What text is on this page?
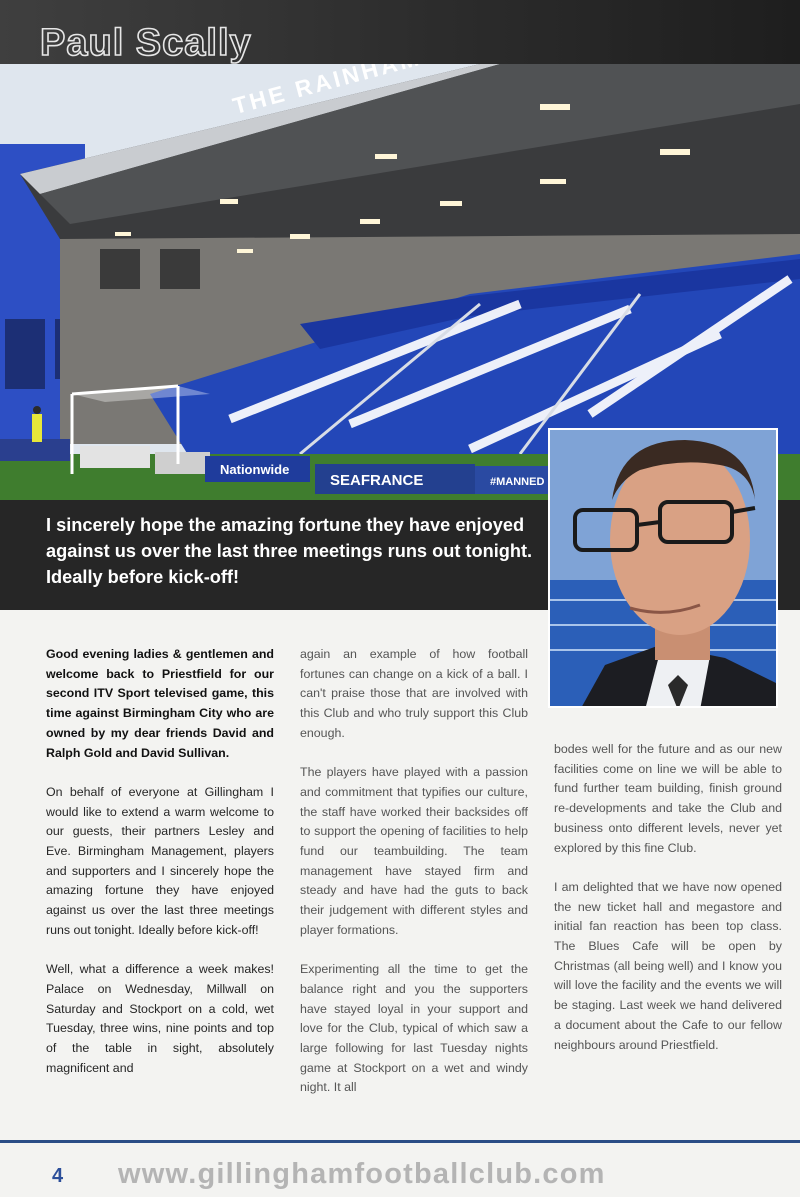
Paul Scally
Nationwide
SEAFRANCE	#MANNED

I sincerely hope the amazing fortune they have enjoyed against us over the last three meetings runs out tonight. Ideally before kick-off!

Good evening ladies & gentlemen and welcome back to Priestfield for our second ITV Sport televised game, this time against Birmingham City who are owned by my dear friends David and Ralph Gold and David Sullivan.

On behalf of everyone at Gillingham I would like to extend a warm welcome to our guests, their partners Lesley and Eve. Birmingham Management, players and supporters and I sincerely hope the amazing fortune they have enjoyed against us over the last three meetings runs out tonight. Ideally before kick-off!

Well, what a difference a week makes! Palace on Wednesday, Millwall on Saturday and Stockport on a cold, wet Tuesday, three wins, nine points and top of the table in sight, absolutely magnificent and

again an example of how football fortunes can change on a kick of a ball. I can't praise those that are involved with this Club and who truly support this Club enough.

The players have played with a passion and commitment that typifies our culture, the staff have worked their backsides off to support the opening of facilities to help fund our teambuilding. The team management have stayed firm and steady and have had the guts to back their judgement with different styles and player formations.

Experimenting all the time to get the balance right and you the supporters have stayed loyal in your support and love for the Club, typical of which saw a large following for last Tuesday nights game at Stockport on a wet and windy night. It all

bodes well for the future and as our new facilities come on line we will be able to fund further team building, finish ground re-developments and take the Club and business onto different levels, never yet explored by this fine Club.

I am delighted that we have now opened the new ticket hall and megastore and initial fan reaction has been top class. The Blues Cafe will be open by Christmas (all being well) and I know you will love the facility and the events we will be staging. Last week we hand delivered a document about the Cafe to our fellow neighbours around Priestfield.

4 www.gillinghamfootballclub.com
